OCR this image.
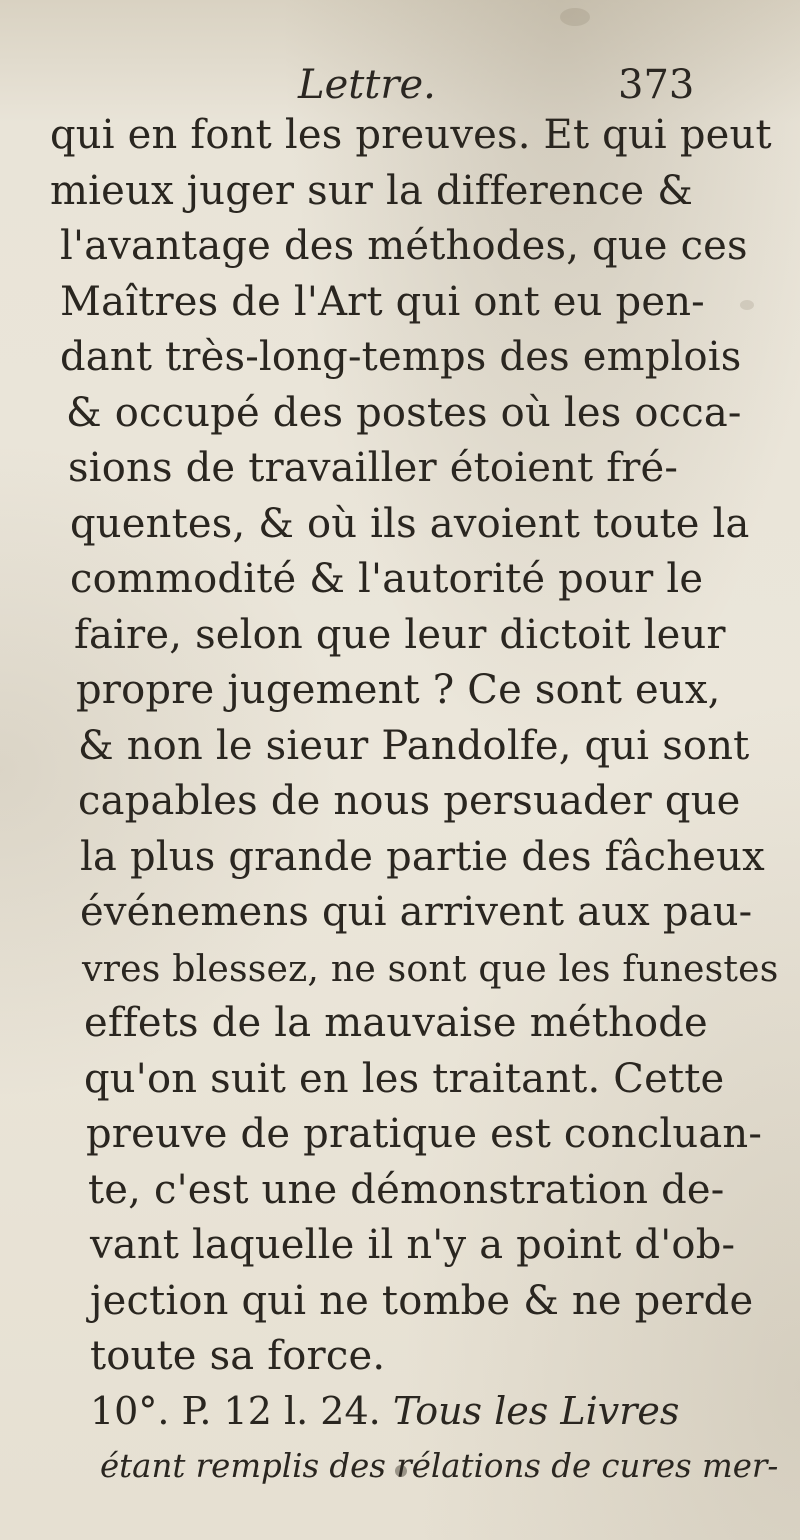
Lettre.	373
qui en font les preuves. Et qui peut
mieux juger sur la difference &
l'avantage des méthodes, que ces
Maîtres de l'Art qui ont eu pen-
dant très-long-temps des emplois
& occupé des postes où les occa-
sions de travailler étoient fré-
quentes, & où ils avoient toute la
commodité & l'autorité pour le
faire, selon que leur dictoit leur
propre jugement ? Ce sont eux,
& non le sieur Pandolfe, qui sont
capables de nous persuader que
la plus grande partie des fâcheux
événemens qui arrivent aux pau-
vres blessez, ne sont que les funestes
effets de la mauvaise méthode
qu'on suit en les traitant. Cette
preuve de pratique est concluan-
te, c'est une démonstration de-
vant laquelle il n'y a point d'ob-
jection qui ne tombe & ne perde
toute sa force.
10°. P. 12 l. 24. Tous les Livres
étant remplis des rélations de cures mer-
